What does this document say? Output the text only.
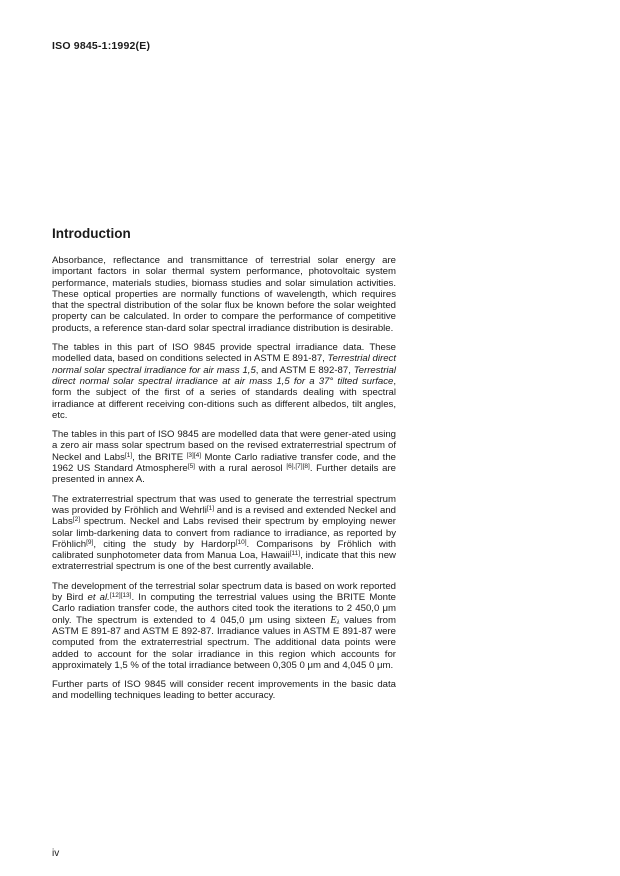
ISO 9845-1:1992(E)
Introduction

Absorbance, reflectance and transmittance of terrestrial solar energy are important factors in solar thermal system performance, photovoltaic system performance, materials studies, biomass studies and solar simulation activities. These optical properties are normally functions of wavelength, which requires that the spectral distribution of the solar flux be known before the solar weighted property can be calculated. In order to compare the performance of competitive products, a reference stan-dard solar spectral irradiance distribution is desirable.

The tables in this part of ISO 9845 provide spectral irradiance data. These modelled data, based on conditions selected in ASTM E 891-87, Terrestrial direct normal solar spectral irradiance for air mass 1,5, and ASTM E 892-87, Terrestrial direct normal solar spectral irradiance at air mass 1,5 for a 37° tilted surface, form the subject of the first of a series of standards dealing with spectral irradiance at different receiving con-ditions such as different albedos, tilt angles, etc.

The tables in this part of ISO 9845 are modelled data that were gener-ated using a zero air mass solar spectrum based on the revised extraterrestrial spectrum of Neckel and Labs[1], the BRITE [3][4] Monte Carlo radiative transfer code, and the 1962 US Standard Atmosphere[5] with a rural aerosol [6],[7][8]. Further details are presented in annex A.

The extraterrestrial spectrum that was used to generate the terrestrial spectrum was provided by Fröhlich and Wehrli[1] and is a revised and extended Neckel and Labs[2] spectrum. Neckel and Labs revised their spectrum by employing newer solar limb-darkening data to convert from radiance to irradiance, as reported by Fröhlich[9], citing the study by Hardorp[10]. Comparisons by Fröhlich with calibrated sunphotometer data from Manua Loa, Hawaii[11], indicate that this new extraterrestrial spectrum is one of the best currently available.

The development of the terrestrial solar spectrum data is based on work reported by Bird et al.[12][13]. In computing the terrestrial values using the BRITE Monte Carlo radiation transfer code, the authors cited took the iterations to 2 450,0 μm only. The spectrum is extended to 4 045,0 μm using sixteen $E_\lambda$ values from ASTM E 891-87 and ASTM E 892-87. Irradiance values in ASTM E 891-87 were computed from the extraterrestrial spectrum. The additional data points were added to account for the solar irradiance in this region which accounts for approximately 1,5 % of the total irradiance between 0,305 0 μm and 4,045 0 μm.

Further parts of ISO 9845 will consider recent improvements in the basic data and modelling techniques leading to better accuracy.

iv
